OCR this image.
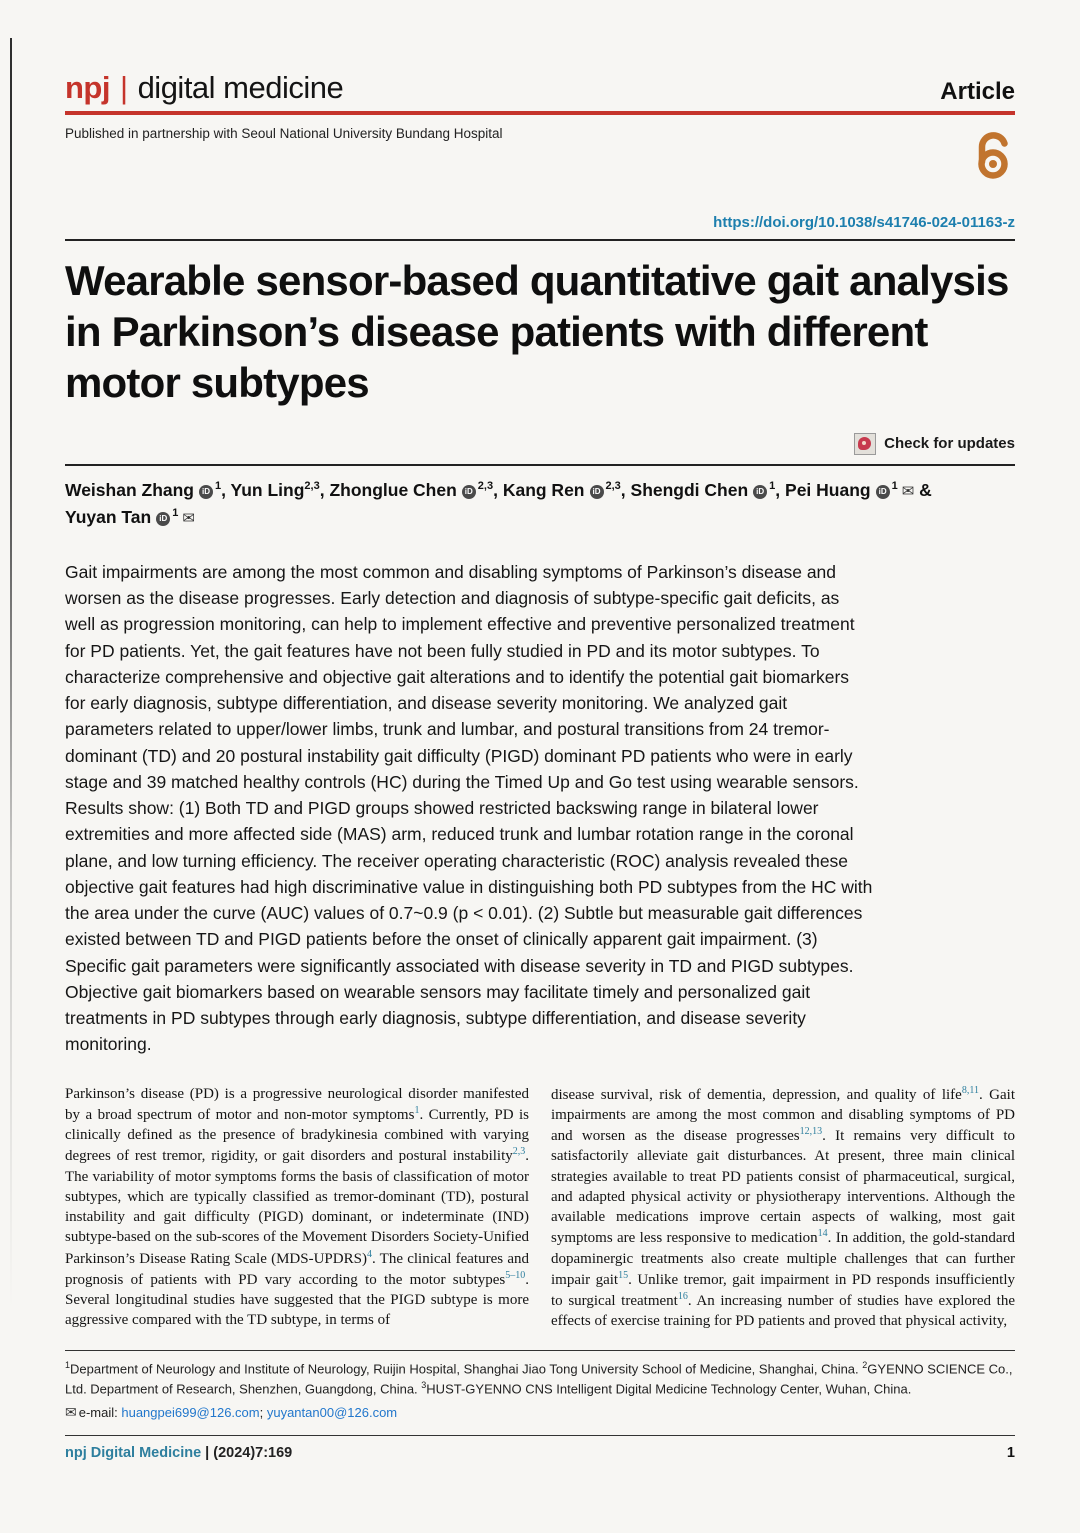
npj | digital medicine	Article
Published in partnership with Seoul National University Bundang Hospital
https://doi.org/10.1038/s41746-024-01163-z
Wearable sensor-based quantitative gait analysis in Parkinson’s disease patients with different motor subtypes
Check for updates
Weishan Zhang iD $^1$, Yun Ling$^{2,3}$, Zhonglue Chen iD $^{2,3}$, Kang Ren iD $^{2,3}$, Shengdi Chen iD $^1$, Pei Huang iD $^1$ ✉ &
Yuyan Tan iD $^1$ ✉
Gait impairments are among the most common and disabling symptoms of Parkinson’s disease and worsen as the disease progresses. Early detection and diagnosis of subtype-specific gait deficits, as well as progression monitoring, can help to implement effective and preventive personalized treatment for PD patients. Yet, the gait features have not been fully studied in PD and its motor subtypes. To characterize comprehensive and objective gait alterations and to identify the potential gait biomarkers for early diagnosis, subtype differentiation, and disease severity monitoring. We analyzed gait parameters related to upper/lower limbs, trunk and lumbar, and postural transitions from 24 tremor-dominant (TD) and 20 postural instability gait difficulty (PIGD) dominant PD patients who were in early stage and 39 matched healthy controls (HC) during the Timed Up and Go test using wearable sensors. Results show: (1) Both TD and PIGD groups showed restricted backswing range in bilateral lower extremities and more affected side (MAS) arm, reduced trunk and lumbar rotation range in the coronal plane, and low turning efficiency. The receiver operating characteristic (ROC) analysis revealed these objective gait features had high discriminative value in distinguishing both PD subtypes from the HC with the area under the curve (AUC) values of 0.7~0.9 (p < 0.01). (2) Subtle but measurable gait differences existed between TD and PIGD patients before the onset of clinically apparent gait impairment. (3) Specific gait parameters were significantly associated with disease severity in TD and PIGD subtypes. Objective gait biomarkers based on wearable sensors may facilitate timely and personalized gait treatments in PD subtypes through early diagnosis, subtype differentiation, and disease severity monitoring.
Parkinson’s disease (PD) is a progressive neurological disorder manifested by a broad spectrum of motor and non-motor symptoms$^1$. Currently, PD is clinically defined as the presence of bradykinesia combined with varying degrees of rest tremor, rigidity, or gait disorders and postural instability$^{2,3}$. The variability of motor symptoms forms the basis of classification of motor subtypes, which are typically classified as tremor-dominant (TD), postural instability and gait difficulty (PIGD) dominant, or indeterminate (IND) subtype-based on the sub-scores of the Movement Disorders Society-Unified Parkinson’s Disease Rating Scale (MDS-UPDRS)$^4$. The clinical features and prognosis of patients with PD vary according to the motor subtypes$^{5-10}$. Several longitudinal studies have suggested that the PIGD subtype is more aggressive compared with the TD subtype, in terms of
disease survival, risk of dementia, depression, and quality of life$^{8,11}$. Gait impairments are among the most common and disabling symptoms of PD and worsen as the disease progresses$^{12,13}$. It remains very difficult to satisfactorily alleviate gait disturbances. At present, three main clinical strategies available to treat PD patients consist of pharmaceutical, surgical, and adapted physical activity or physiotherapy interventions. Although the available medications improve certain aspects of walking, most gait symptoms are less responsive to medication$^{14}$. In addition, the gold-standard dopaminergic treatments also create multiple challenges that can further impair gait$^{15}$. Unlike tremor, gait impairment in PD responds insufficiently to surgical treatment$^{16}$. An increasing number of studies have explored the effects of exercise training for PD patients and proved that physical activity,
$^1$Department of Neurology and Institute of Neurology, Ruijin Hospital, Shanghai Jiao Tong University School of Medicine, Shanghai, China. $^2$GYENNO SCIENCE Co., Ltd. Department of Research, Shenzhen, Guangdong, China. $^3$HUST-GYENNO CNS Intelligent Digital Medicine Technology Center, Wuhan, China.
✉ e-mail: huangpei699@126.com; yuyantan00@126.com
npj Digital Medicine | (2024)7:169	1
